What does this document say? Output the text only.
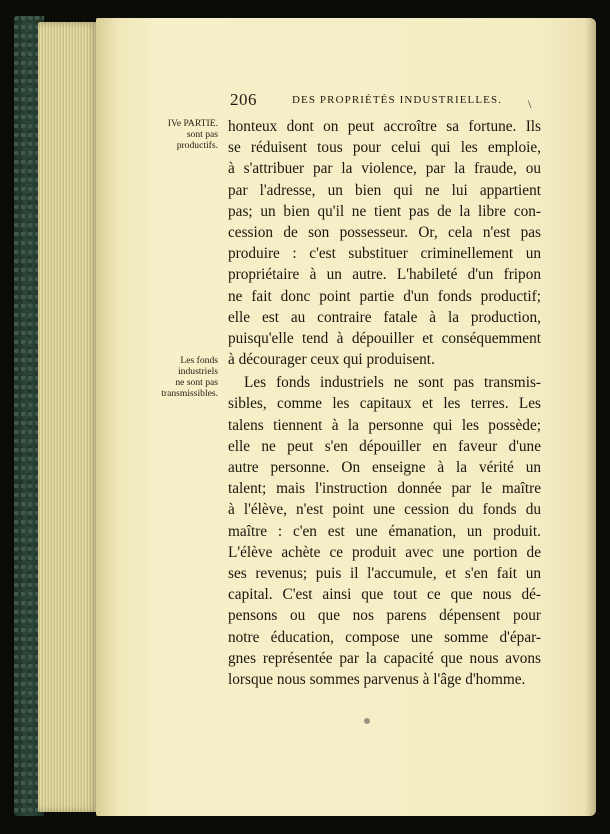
206	DES PROPRIÉTÉS INDUSTRIELLES. \
IVe PARTIE.
sont pas
productifs.
Les fonds
industriels
ne sont pas
transmissibles.
honteux dont on peut accroître sa fortune. Ils
se réduisent tous pour celui qui les emploie,
à s'attribuer par la violence, par la fraude, ou
par l'adresse, un bien qui ne lui appartient
pas; un bien qu'il ne tient pas de la libre con-
cession de son possesseur. Or, cela n'est pas
produire : c'est substituer criminellement un
propriétaire à un autre. L'habileté d'un fripon
ne fait donc point partie d'un fonds productif;
elle est au contraire fatale à la production,
puisqu'elle tend à dépouiller et conséquemment
à décourager ceux qui produisent.
Les fonds industriels ne sont pas transmis-
sibles, comme les capitaux et les terres. Les
talens tiennent à la personne qui les possède;
elle ne peut s'en dépouiller en faveur d'une
autre personne. On enseigne à la vérité un
talent; mais l'instruction donnée par le maître
à l'élève, n'est point une cession du fonds du
maître : c'en est une émanation, un produit.
L'élève achète ce produit avec une portion de
ses revenus; puis il l'accumule, et s'en fait un
capital. C'est ainsi que tout ce que nous dé-
pensons ou que nos parens dépensent pour
notre éducation, compose une somme d'épar-
gnes représentée par la capacité que nous avons
lorsque nous sommes parvenus à l'âge d'homme.
